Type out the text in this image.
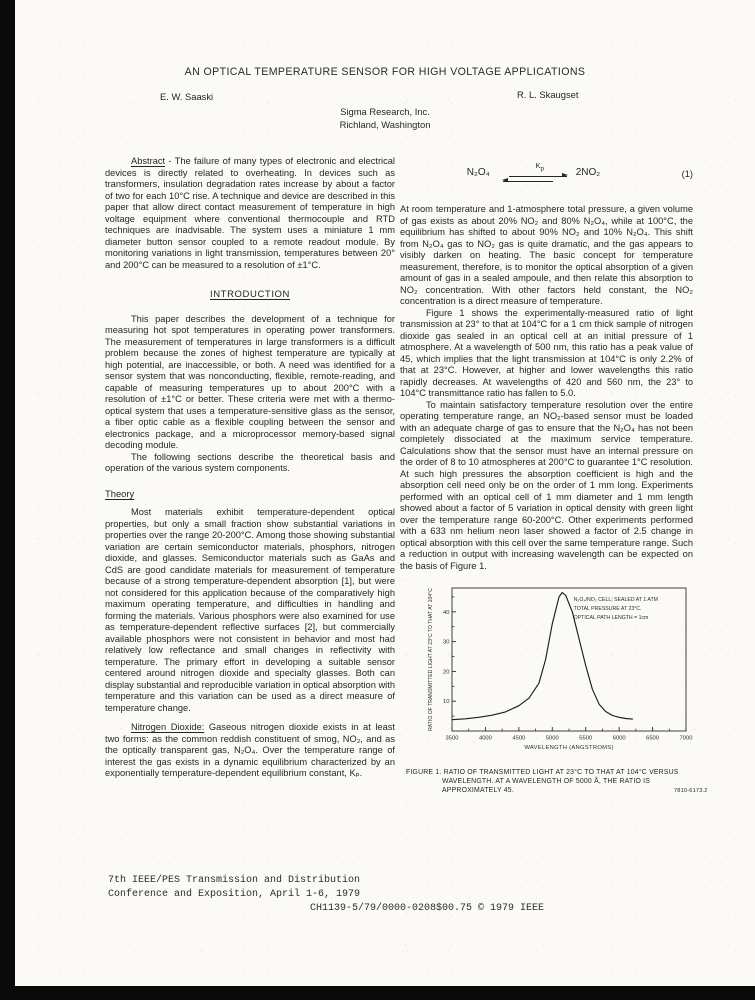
AN OPTICAL TEMPERATURE SENSOR FOR HIGH VOLTAGE APPLICATIONS
E. W. Saaski	R. L. Skaugset
Sigma Research, Inc.
Richland, Washington

Abstract - The failure of many types of electronic and electrical devices is directly related to overheating. In devices such as transformers, insulation degradation rates increase by about a factor of two for each 10°C rise. A technique and device are described in this paper that allow direct contact measurement of temperature in high voltage equipment where conventional thermocouple and RTD techniques are inadvisable. The system uses a miniature 1 mm diameter button sensor coupled to a remote readout module. By monitoring variations in light transmission, temperatures between 20° and 200°C can be measured to a resolution of ±1°C.

INTRODUCTION

This paper describes the development of a technique for measuring hot spot temperatures in operating power transformers. The measurement of temperatures in large transformers is a difficult problem because the zones of highest temperature are typically at high potential, are inaccessible, or both. A need was identified for a sensor system that was nonconducting, flexible, remote-reading, and capable of measuring temperatures up to about 200°C with a resolution of ±1°C or better. These criteria were met with a thermo-optical system that uses a temperature-sensitive glass as the sensor, a fiber optic cable as a flexible coupling between the sensor and electronics package, and a microprocessor memory-based signal decoding module.

The following sections describe the theoretical basis and operation of the various system components.

Theory

Most materials exhibit temperature-dependent optical properties, but only a small fraction show substantial variations in properties over the range 20-200°C. Among those showing substantial variation are certain semiconductor materials, phosphors, nitrogen dioxide, and glasses. Semiconductor materials such as GaAs and CdS are good candidate materials for measurement of temperature because of a strong temperature-dependent absorption [1], but were not considered for this application because of the comparatively high maximum operating temperature, and difficulties in handling and forming the materials. Various phosphors were also examined for use as temperature-dependent reflective surfaces [2], but commercially available phosphors were not consistent in behavior and most had relatively low reflectance and small changes in reflectivity with temperature. The primary effort in developing a suitable sensor centered around nitrogen dioxide and specialty glasses. Both can display substantial and reproducible variation in optical absorption with temperature and this variation can be used as a direct measure of temperature change.

Nitrogen Dioxide: Gaseous nitrogen dioxide exists in at least two forms: as the common reddish constituent of smog, NO₂, and as the optically transparent gas, N₂O₄. Over the temperature range of interest the gas exists in a dynamic equilibrium characterized by an exponentially temperature-dependent equilibrium constant, Kₚ.

N₂O₄
$K_p$	2NO₂	(1)

At room temperature and 1-atmosphere total pressure, a given volume of gas exists as about 20% NO₂ and 80% N₂O₄, while at 100°C, the equilibrium has shifted to about 90% NO₂ and 10% N₂O₄. This shift from N₂O₄ gas to NO₂ gas is quite dramatic, and the gas appears to visibly darken on heating. The basic concept for temperature measurement, therefore, is to monitor the optical absorption of a given amount of gas in a sealed ampoule, and then relate this absorption to NO₂ concentration. With other factors held constant, the NO₂ concentration is a direct measure of temperature.

Figure 1 shows the experimentally-measured ratio of light transmission at 23° to that at 104°C for a 1 cm thick sample of nitrogen dioxide gas sealed in an optical cell at an initial pressure of 1 atmosphere. At a wavelength of 500 nm, this ratio has a peak value of 45, which implies that the light transmission at 104°C is only 2.2% of that at 23°C. However, at higher and lower wavelengths this ratio rapidly decreases. At wavelengths of 420 and 560 nm, the 23° to 104°C transmittance ratio has fallen to 5.0.

To maintain satisfactory temperature resolution over the entire operating temperature range, an NO₂-based sensor must be loaded with an adequate charge of gas to ensure that the N₂O₄ has not been completely dissociated at the maximum service temperature. Calculations show that the sensor must have an internal pressure on the order of 8 to 10 atmospheres at 200°C to guarantee 1°C resolution. At such high pressures the absorption coefficient is high and the absorption cell need only be on the order of 1 mm long. Experiments performed with an optical cell of 1 mm diameter and 1 mm length showed about a factor of 5 variation in optical density with green light over the temperature range 60-200°C. Other experiments performed with a 633 nm helium neon laser showed a factor of 2.5 change in optical absorption with this cell over the same temperature range. Such a reduction in output with increasing wavelength can be expected on the basis of Figure 1.

3500	4000	4500	5000	5500	6000	6500	7000
10
20
30
40
WAVELENGTH (ANGSTROMS)
RATIO OF TRANSMITTED LIGHT AT 23°C TO THAT AT 104°C	N₂O₄/NO₂ CELL; SEALED AT 1 ATM
TOTAL PRESSURE AT 23°C.
OPTICAL PATH LENGTH = 1cm
FIGURE 1. RATIO OF TRANSMITTED LIGHT AT 23°C TO THAT AT 104°C VERSUS WAVELENGTH. AT A WAVELENGTH OF 5000 Å, THE RATIO IS APPROXIMATELY 45.	7810-6173.2
7th IEEE/PES Transmission and Distribution
Conference and Exposition, April 1-6, 1979
CH1139-5/79/0000-0208$00.75 © 1979 IEEE
